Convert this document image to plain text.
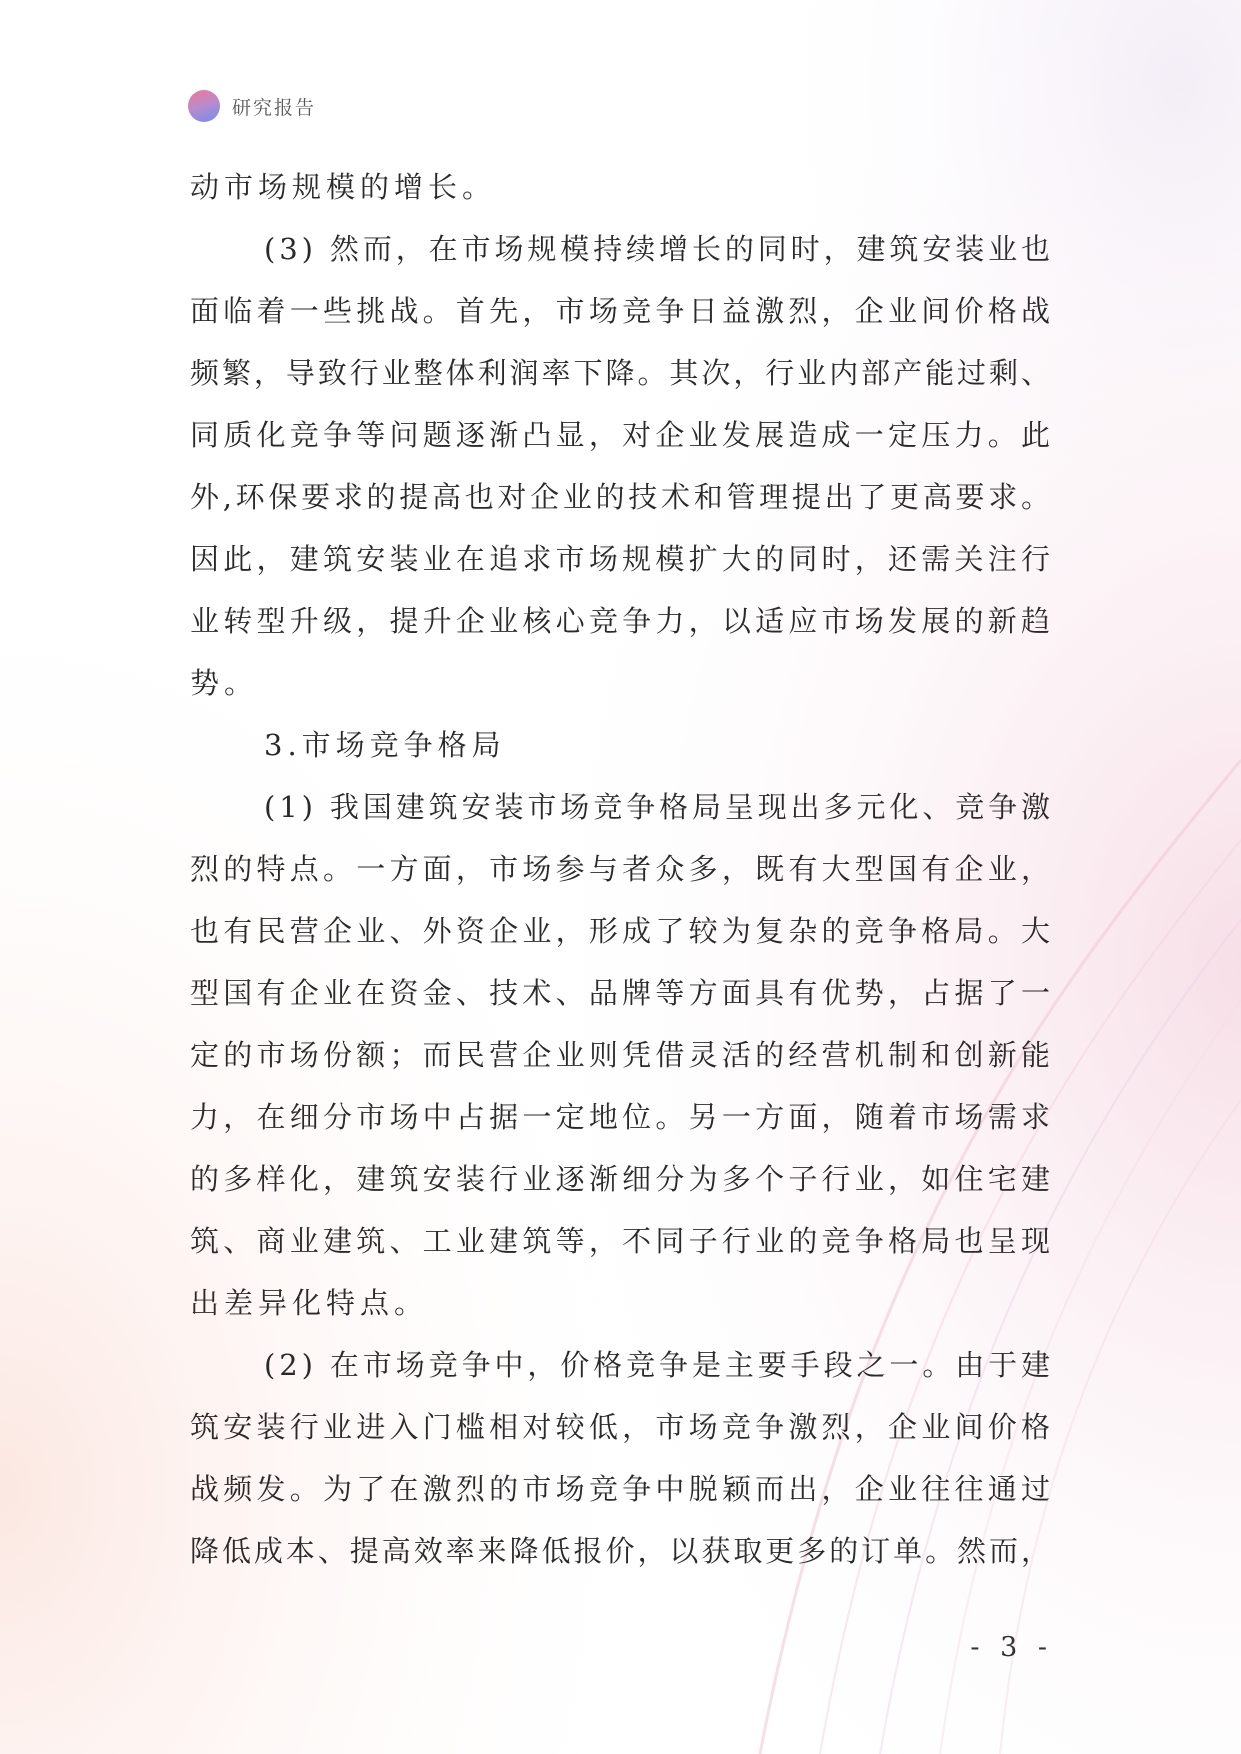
研究报告

动市场规模的增长。

(3) 然而，在市场规模持续增长的同时，建筑安装业也

面临着一些挑战。首先，市场竞争日益激烈，企业间价格战

频繁，导致行业整体利润率下降。其次，行业内部产能过剩、

同质化竞争等问题逐渐凸显，对企业发展造成一定压力。此

外,环保要求的提高也对企业的技术和管理提出了更高要求。

因此，建筑安装业在追求市场规模扩大的同时，还需关注行

业转型升级，提升企业核心竞争力，以适应市场发展的新趋

势。

3.市场竞争格局

(1) 我国建筑安装市场竞争格局呈现出多元化、竞争激

烈的特点。一方面，市场参与者众多，既有大型国有企业，

也有民营企业、外资企业，形成了较为复杂的竞争格局。大

型国有企业在资金、技术、品牌等方面具有优势，占据了一

定的市场份额；而民营企业则凭借灵活的经营机制和创新能

力，在细分市场中占据一定地位。另一方面，随着市场需求

的多样化，建筑安装行业逐渐细分为多个子行业，如住宅建

筑、商业建筑、工业建筑等，不同子行业的竞争格局也呈现

出差异化特点。

(2) 在市场竞争中，价格竞争是主要手段之一。由于建

筑安装行业进入门槛相对较低，市场竞争激烈，企业间价格

战频发。为了在激烈的市场竞争中脱颖而出，企业往往通过

降低成本、提高效率来降低报价，以获取更多的订单。然而，

- 3 -
